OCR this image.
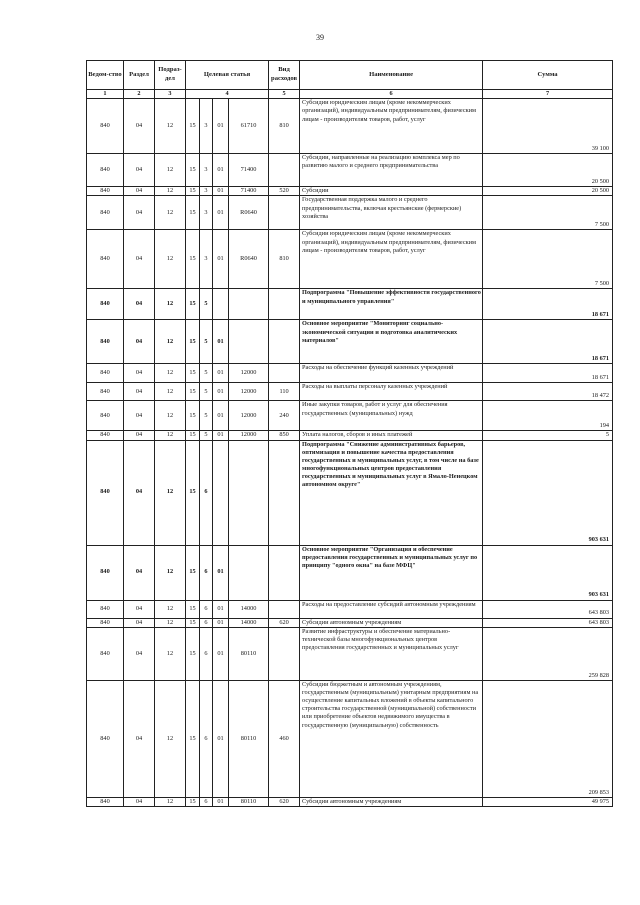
39
Ведом-ство	Раздел	Подраз-дел	Целевая статья				Вид расходов	Наименование	Сумма
1	2	3	4				5	6	7
840	04	12	15	3	01	61710	810	Субсидии юридическим лицам (кроме некоммерческих организаций), индивидуальным предпринимателям, физическим лицам - производителям товаров, работ, услуг	39 100
840	04	12	15	3	01	71400		Субсидии, направленные на реализацию комплекса мер по развитию малого и среднего предпринимательства	20 500
840	04	12	15	3	01	71400	520	Субсидии	20 500
840	04	12	15	3	01	R0640		Государственная поддержка малого и среднего предпринимательства, включая крестьянские (фермерские) хозяйства	7 500
840	04	12	15	3	01	R0640	810	Субсидии юридическим лицам (кроме некоммерческих организаций), индивидуальным предпринимателям, физическим лицам - производителям товаров, работ, услуг	7 500
840	04	12	15	5				Подпрограмма "Повышение эффективности государственного и муниципального управления"	18 671
840	04	12	15	5	01			Основное мероприятие "Мониторинг социально-экономической ситуации и подготовка аналитических материалов"	18 671
840	04	12	15	5	01	12000		Расходы на обеспечение функций казенных учреждений	18 671
840	04	12	15	5	01	12000	110	Расходы на выплаты персоналу казенных учреждений	18 472
840	04	12	15	5	01	12000	240	Иные закупки товаров, работ и услуг для обеспечения государственных (муниципальных) нужд	194
840	04	12	15	5	01	12000	850	Уплата налогов, сборов и иных платежей	5
840	04	12	15	6				Подпрограмма "Снижение административных барьеров, оптимизация и повышение качества предоставления государственных и муниципальных услуг, в том числе на базе многофункциональных центров предоставления государственных и муниципальных услуг в Ямало-Ненецком автономном округе"	903 631
840	04	12	15	6	01			Основное мероприятие "Организация и обеспечение предоставления государственных и муниципальных услуг по принципу "одного окна" на базе МФЦ"	903 631
840	04	12	15	6	01	14000		Расходы на предоставление субсидий автономным учреждениям	643 803
840	04	12	15	6	01	14000	620	Субсидии автономным учреждениям	643 803
840	04	12	15	6	01	80110		Развитие инфраструктуры и обеспечение материально-технической базы многофункциональных центров предоставления государственных и муниципальных услуг	259 828
840	04	12	15	6	01	80110	460	Субсидии бюджетным и автономным учреждениям, государственным (муниципальным) унитарным предприятиям на осуществление капитальных вложений в объекты капитального строительства государственной (муниципальной) собственности или приобретение объектов недвижимого имущества в государственную (муниципальную) собственность	209 853
840	04	12	15	6	01	80110	620	Субсидии автономным учреждениям	49 975
